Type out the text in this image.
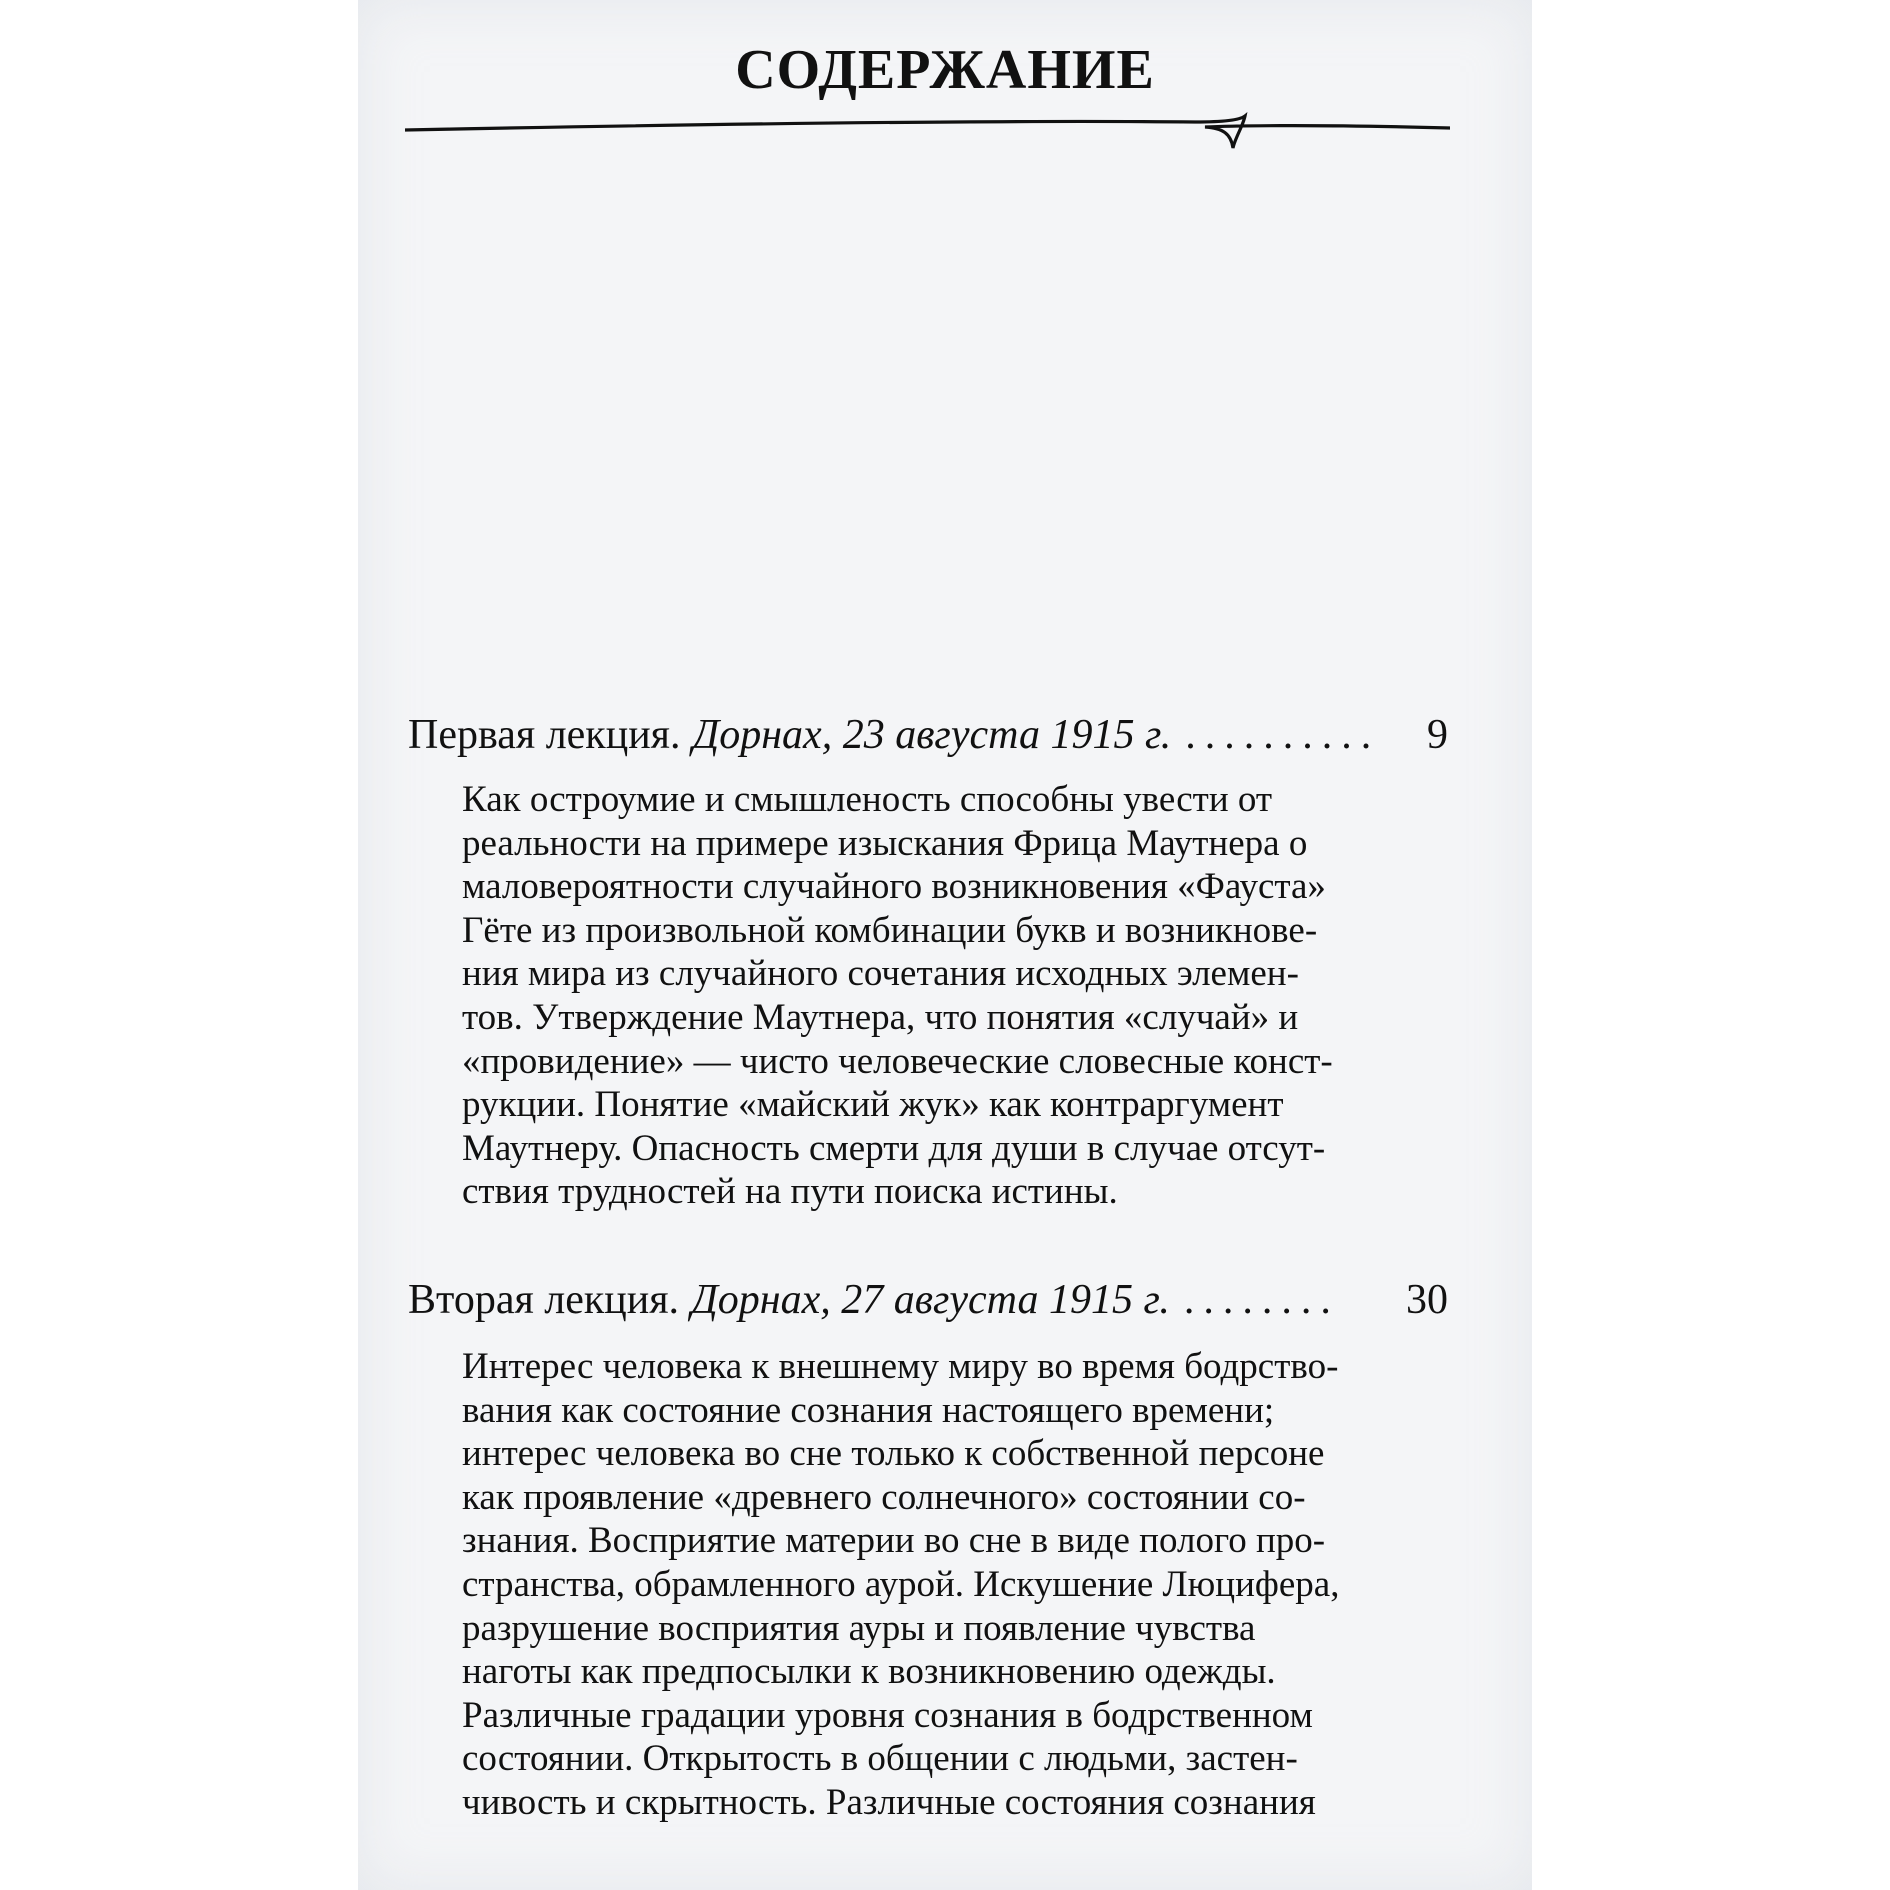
СОДЕРЖАНИЕ
Первая лекция. Дорнах, 23 августа 1915 г. ..........	9
Как остроумие и смышленость способны увести от
реальности на примере изыскания Фрица Маутнера о
маловероятности случайного возникновения «Фауста»
Гёте из произвольной комбинации букв и возникнове-
ния мира из случайного сочетания исходных элемен-
тов. Утверждение Маутнера, что понятия «случай» и
«провидение» — чисто человеческие словесные конст-
рукции. Понятие «майский жук» как контраргумент
Маутнеру. Опасность смерти для души в случае отсут-
ствия трудностей на пути поиска истины.
Вторая лекция. Дорнах, 27 августа 1915 г. ........	30
Интерес человека к внешнему миру во время бодрство-
вания как состояние сознания настоящего времени;
интерес человека во сне только к собственной персоне
как проявление «древнего солнечного» состоянии со-
знания. Восприятие материи во сне в виде полого про-
странства, обрамленного аурой. Искушение Люцифера,
разрушение восприятия ауры и появление чувства
наготы как предпосылки к возникновению одежды.
Различные градации уровня сознания в бодрственном
состоянии. Открытость в общении с людьми, застен-
чивость и скрытность. Различные состояния сознания
